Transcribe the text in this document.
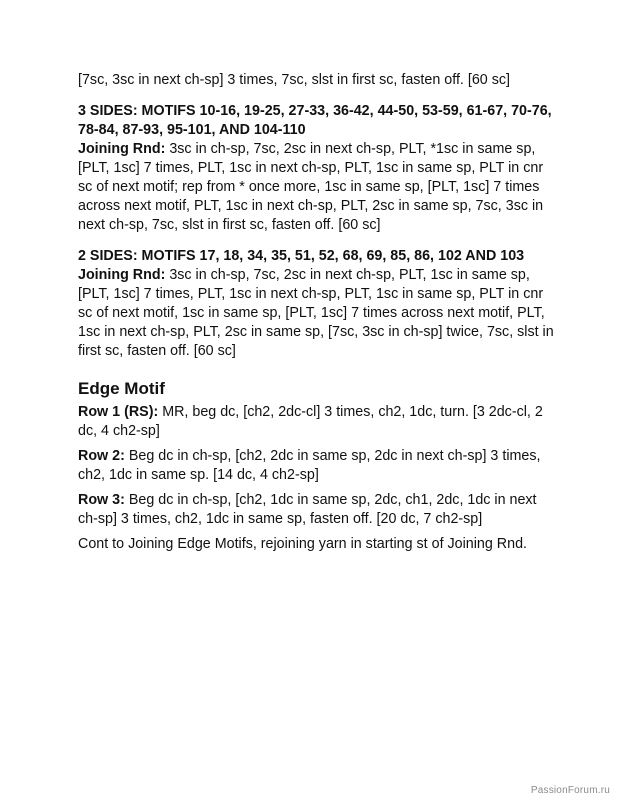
[7sc, 3sc in next ch-sp] 3 times, 7sc, slst in first sc, fasten off. [60 sc]

3 SIDES: MOTIFS 10-16, 19-25, 27-33, 36-42, 44-50, 53-59, 61-67, 70-76, 78-84, 87-93, 95-101, AND 104-110

Joining Rnd: 3sc in ch-sp, 7sc, 2sc in next ch-sp, PLT, *1sc in same sp, [PLT, 1sc] 7 times, PLT, 1sc in next ch-sp, PLT, 1sc in same sp, PLT in cnr sc of next motif; rep from * once more, 1sc in same sp, [PLT, 1sc] 7 times across next motif, PLT, 1sc in next ch-sp, PLT, 2sc in same sp, 7sc, 3sc in next ch-sp, 7sc, slst in first sc, fasten off. [60 sc]

2 SIDES: MOTIFS 17, 18, 34, 35, 51, 52, 68, 69, 85, 86, 102 AND 103

Joining Rnd: 3sc in ch-sp, 7sc, 2sc in next ch-sp, PLT, 1sc in same sp, [PLT, 1sc] 7 times, PLT, 1sc in next ch-sp, PLT, 1sc in same sp, PLT in cnr sc of next motif, 1sc in same sp, [PLT, 1sc] 7 times across next motif, PLT, 1sc in next ch-sp, PLT, 2sc in same sp, [7sc, 3sc in ch-sp] twice, 7sc, slst in first sc, fasten off. [60 sc]

Edge Motif

Row 1 (RS): MR, beg dc, [ch2, 2dc-cl] 3 times, ch2, 1dc, turn. [3 2dc-cl, 2 dc, 4 ch2-sp]

Row 2: Beg dc in ch-sp, [ch2, 2dc in same sp, 2dc in next ch-sp] 3 times, ch2, 1dc in same sp. [14 dc, 4 ch2-sp]

Row 3: Beg dc in ch-sp, [ch2, 1dc in same sp, 2dc, ch1, 2dc, 1dc in next ch-sp] 3 times, ch2, 1dc in same sp, fasten off. [20 dc, 7 ch2-sp]

Cont to Joining Edge Motifs, rejoining yarn in starting st of Joining Rnd.

PassionForum.ru
